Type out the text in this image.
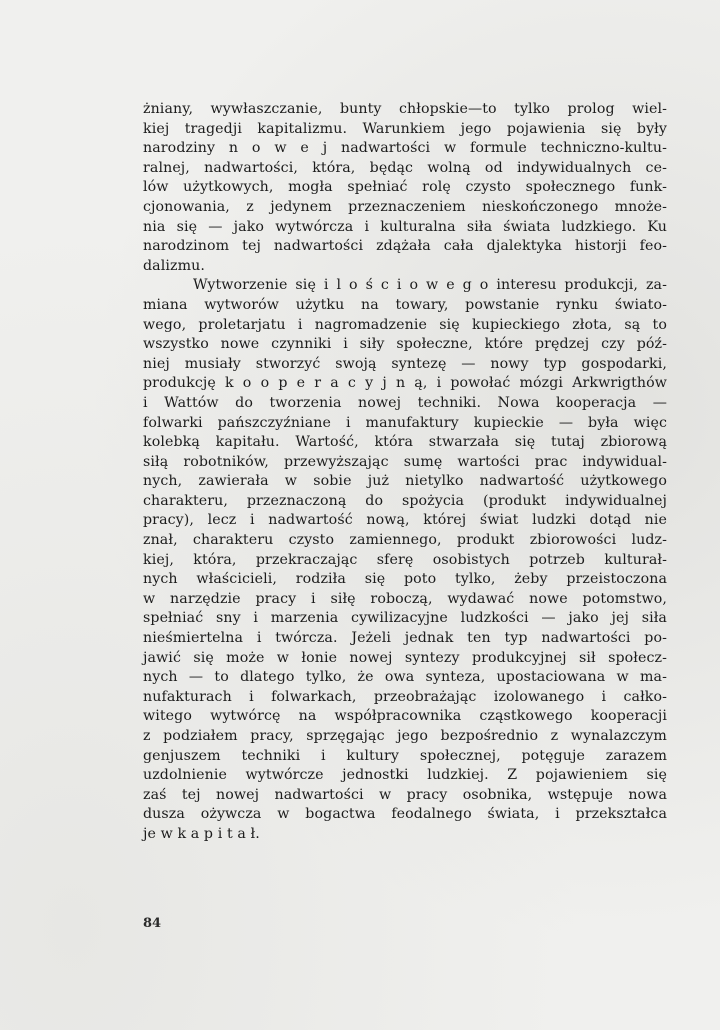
żniany, wywłaszczanie, bunty chłopskie—to tylko prolog wiel-
kiej tragedji kapitalizmu. Warunkiem jego pojawienia się były
narodziny n o w e j nadwartości w formule techniczno-kultu-
ralnej, nadwartości, która, będąc wolną od indywidualnych ce-
lów użytkowych, mogła spełniać rolę czysto społecznego funk-
cjonowania, z jedynem przeznaczeniem nieskończonego mnoże-
nia się — jako wytwórcza i kulturalna siła świata ludzkiego. Ku
narodzinom tej nadwartości zdążała cała djalektyka historji feo-
dalizmu.
Wytworzenie się i l o ś c i o w e g o interesu produkcji, za-
miana wytworów użytku na towary, powstanie rynku świato-
wego, proletarjatu i nagromadzenie się kupieckiego złota, są to
wszystko nowe czynniki i siły społeczne, które prędzej czy póź-
niej musiały stworzyć swoją syntezę — nowy typ gospodarki,
produkcję k o o p e r a c y j n ą, i powołać mózgi Arkwrigthów
i Wattów do tworzenia nowej techniki. Nowa kooperacja —
folwarki pańszczyźniane i manufaktury kupieckie — była więc
kolebką kapitału. Wartość, która stwarzała się tutaj zbiorową
siłą robotników, przewyższając sumę wartości prac indywidual-
nych, zawierała w sobie już nietylko nadwartość użytkowego
charakteru, przeznaczoną do spożycia (produkt indywidualnej
pracy), lecz i nadwartość nową, której świat ludzki dotąd nie
znał, charakteru czysto zamiennego, produkt zbiorowości ludz-
kiej, która, przekraczając sferę osobistych potrzeb kulturał-
nych właścicieli, rodziła się poto tylko, żeby przeistoczona
w narzędzie pracy i siłę roboczą, wydawać nowe potomstwo,
spełniać sny i marzenia cywilizacyjne ludzkości — jako jej siła
nieśmiertelna i twórcza. Jeżeli jednak ten typ nadwartości po-
jawić się może w łonie nowej syntezy produkcyjnej sił społecz-
nych — to dlatego tylko, że owa synteza, upostaciowana w ma-
nufakturach i folwarkach, przeobrażając izolowanego i całko-
witego wytwórcę na współpracownika cząstkowego kooperacji
z podziałem pracy, sprzęgając jego bezpośrednio z wynalazczym
genjuszem techniki i kultury społecznej, potęguje zarazem
uzdolnienie wytwórcze jednostki ludzkiej. Z pojawieniem się
zaś tej nowej nadwartości w pracy osobnika, wstępuje nowa
dusza ożywcza w bogactwa feodalnego świata, i przekształca
je w k a p i t a ł.
84
